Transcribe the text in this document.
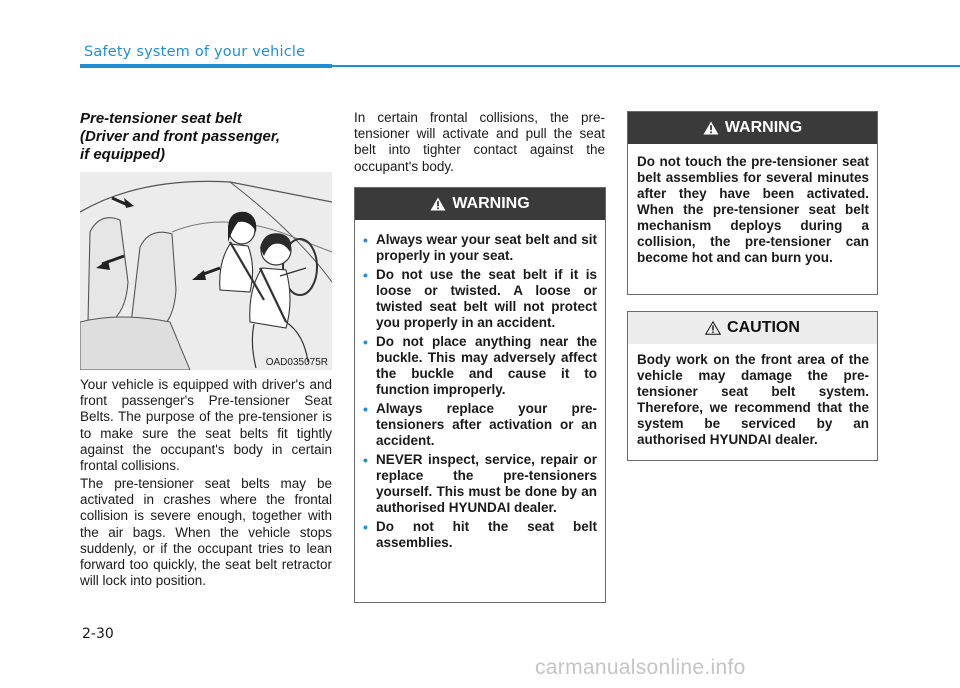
Safety system of your vehicle
Pre-tensioner seat belt
(Driver and front passenger,
if equipped)
OAD035075R

Your vehicle is equipped with driver's and front passenger's Pre-tensioner Seat Belts. The purpose of the pre-tensioner is to make sure the seat belts fit tightly against the occupant's body in certain frontal collisions.

The pre-tensioner seat belts may be activated in crashes where the frontal collision is severe enough, together with the air bags. When the vehicle stops suddenly, or if the occupant tries to lean forward too quickly, the seat belt retractor will lock into position.

In certain frontal collisions, the pre-tensioner will activate and pull the seat belt into tighter contact against the occupant's body.

WARNING
• Always wear your seat belt and sit properly in your seat.
• Do not use the seat belt if it is loose or twisted. A loose or twisted seat belt will not protect you properly in an accident.
• Do not place anything near the buckle. This may adversely affect the buckle and cause it to function improperly.
• Always replace your pre-tensioners after activation or an accident.
• NEVER inspect, service, repair or replace the pre-tensioners yourself. This must be done by an authorised HYUNDAI dealer.
• Do not hit the seat belt assemblies.
WARNING
Do not touch the pre-tensioner seat belt assemblies for several minutes after they have been activated. When the pre-tensioner seat belt mechanism deploys during a collision, the pre-tensioner can become hot and can burn you.
CAUTION
Body work on the front area of the vehicle may damage the pre-tensioner seat belt system. Therefore, we recommend that the system be serviced by an authorised HYUNDAI dealer.
2-30
carmanualsonline.info
